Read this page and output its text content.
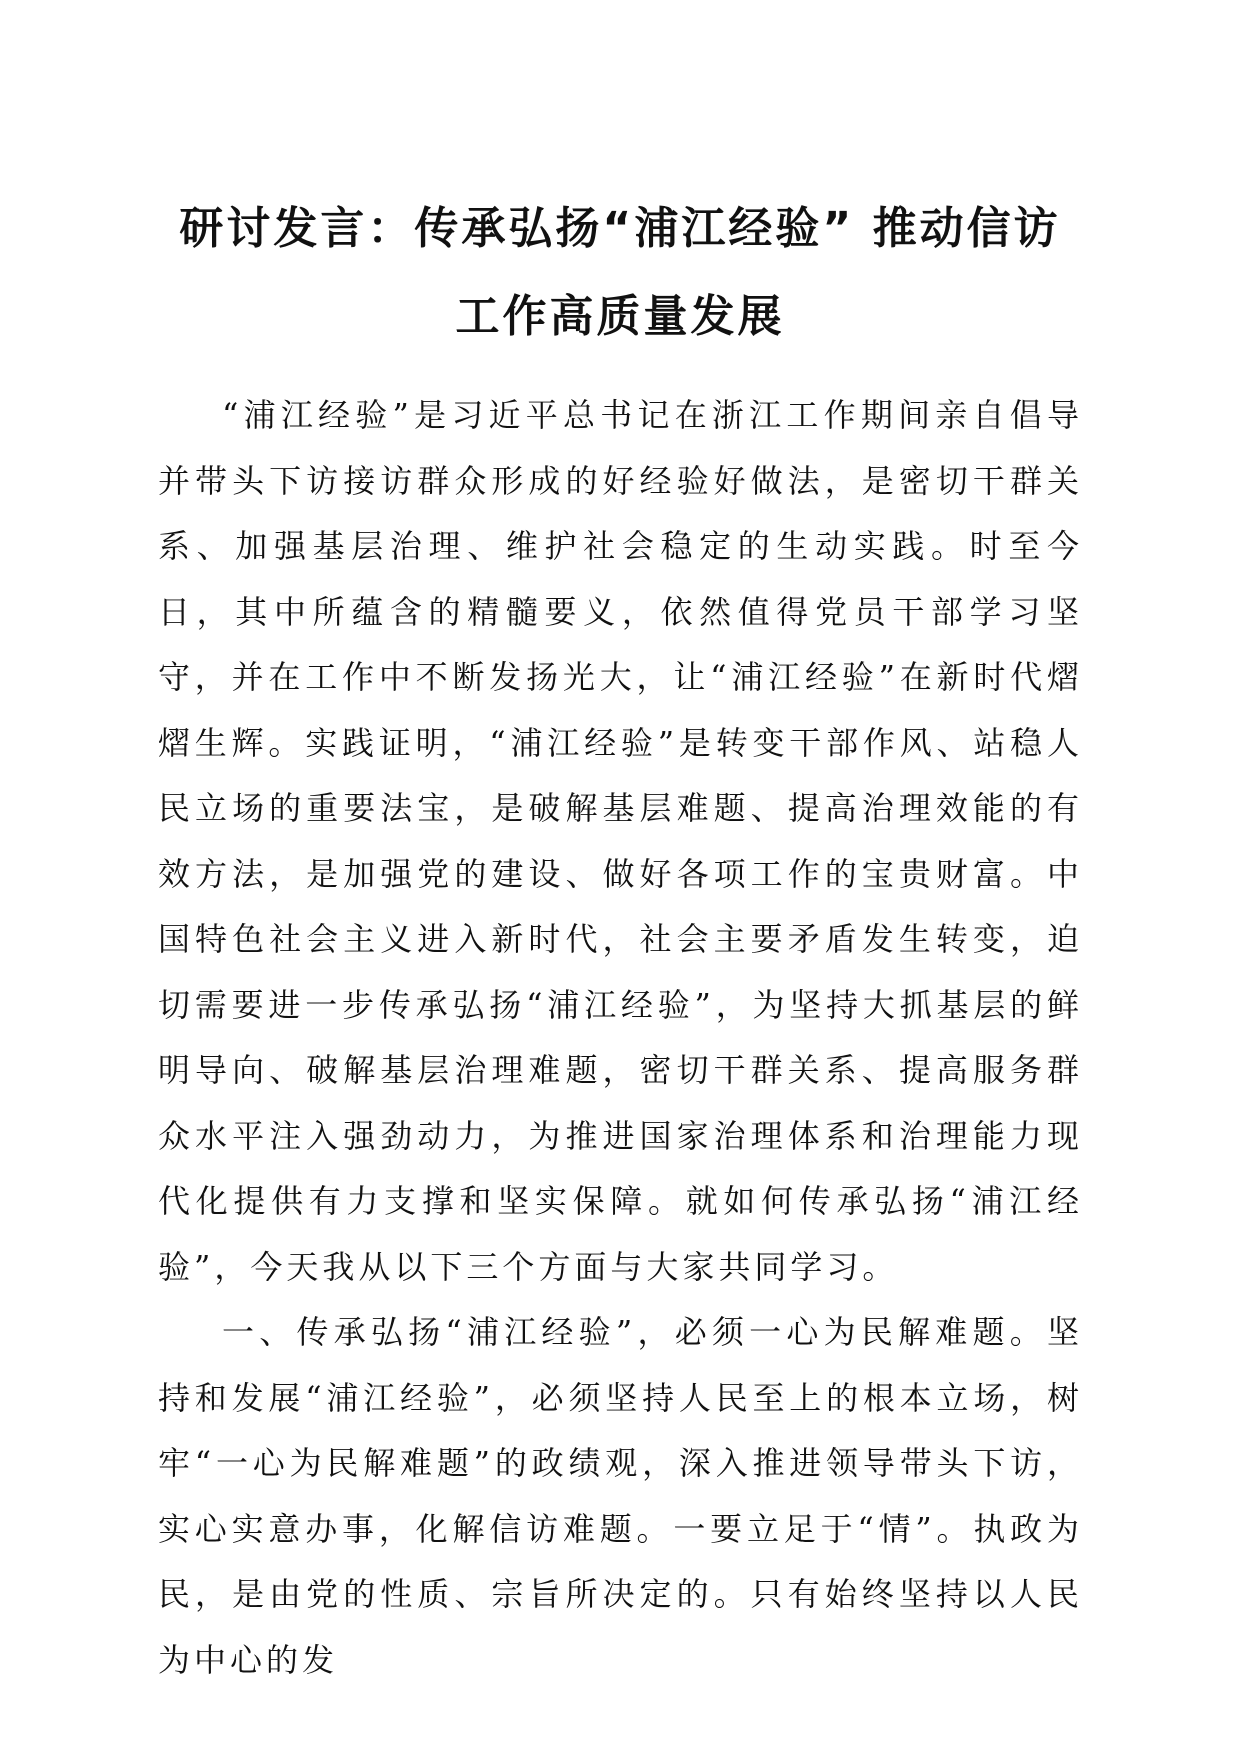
研讨发言：传承弘扬“浦江经验” 推动信访
工作高质量发展

“浦江经验”是习近平总书记在浙江工作期间亲自倡导并带头下访接访群众形成的好经验好做法，是密切干群关系、加强基层治理、维护社会稳定的生动实践。时至今日，其中所蕴含的精髓要义，依然值得党员干部学习坚守，并在工作中不断发扬光大，让“浦江经验”在新时代熠熠生辉。实践证明，“浦江经验”是转变干部作风、站稳人民立场的重要法宝，是破解基层难题、提高治理效能的有效方法，是加强党的建设、做好各项工作的宝贵财富。中国特色社会主义进入新时代，社会主要矛盾发生转变，迫切需要进一步传承弘扬“浦江经验”，为坚持大抓基层的鲜明导向、破解基层治理难题，密切干群关系、提高服务群众水平注入强劲动力，为推进国家治理体系和治理能力现代化提供有力支撑和坚实保障。就如何传承弘扬“浦江经验”，今天我从以下三个方面与大家共同学习。

一、传承弘扬“浦江经验”，必须一心为民解难题。坚持和发展“浦江经验”，必须坚持人民至上的根本立场，树牢“一心为民解难题”的政绩观，深入推进领导带头下访，实心实意办事，化解信访难题。一要立足于“情”。执政为民，是由党的性质、宗旨所决定的。只有始终坚持以人民为中心的发
